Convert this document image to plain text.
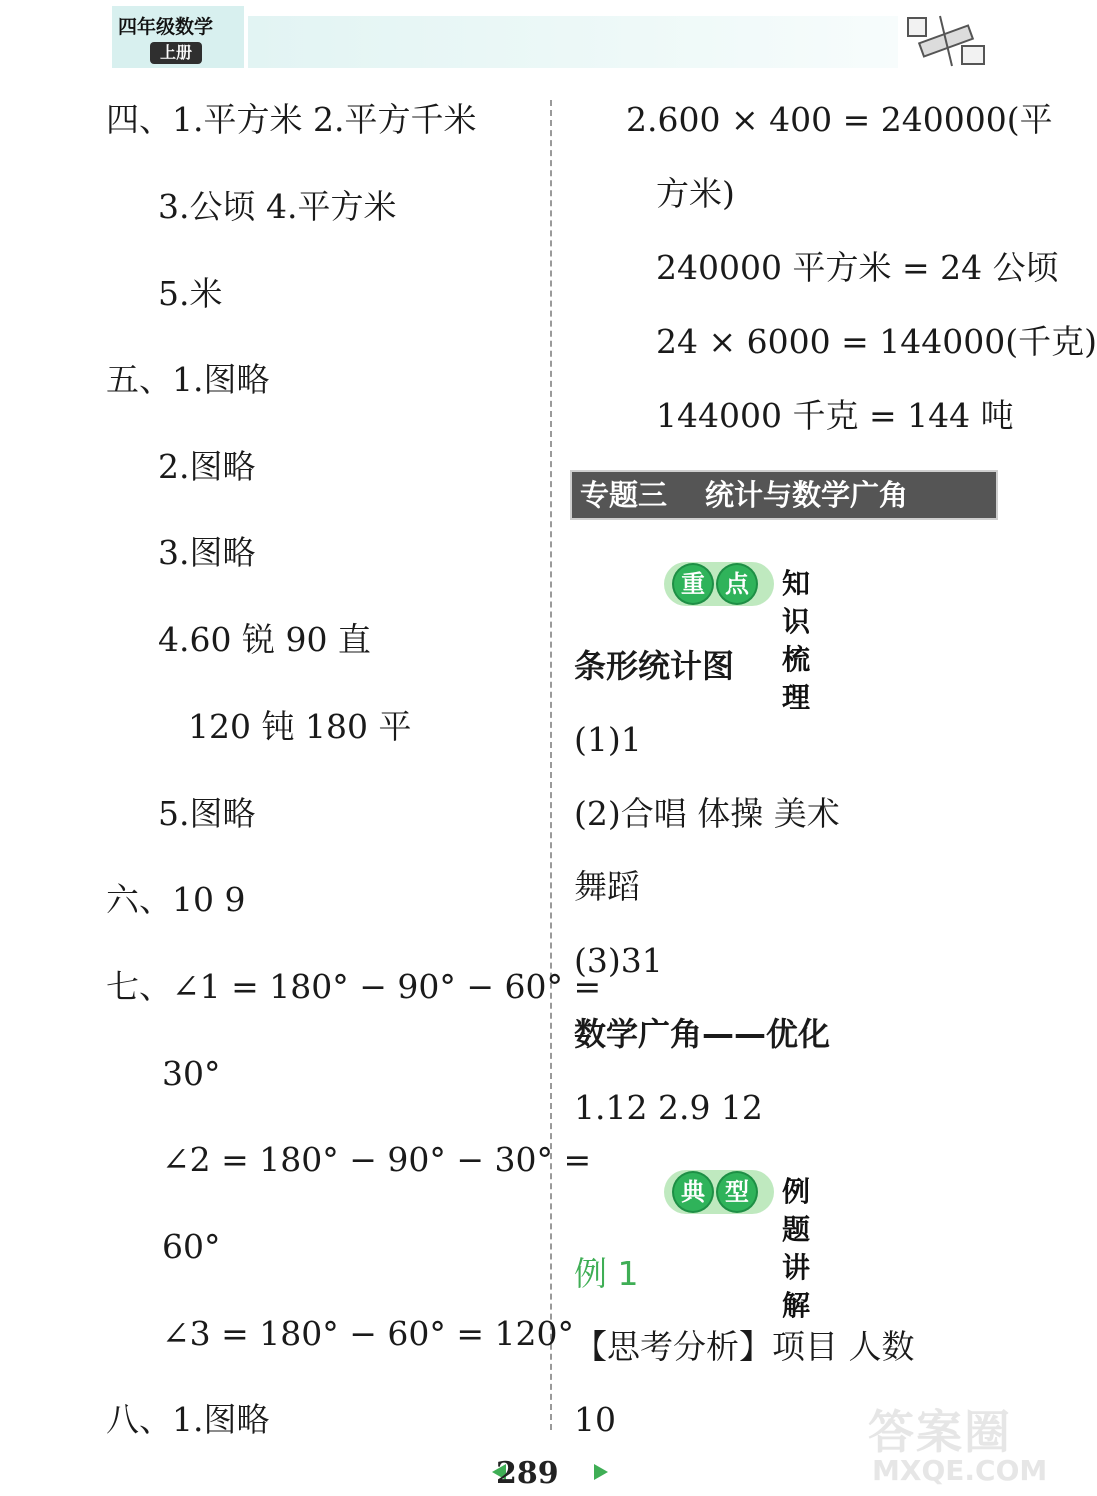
四年级数学
上册
四、1.平方米 2.平方千米
3.公顷 4.平方米
5.米
五、1.图略
2.图略
3.图略
4.60 锐 90 直
120 钝 180 平
5.图略
六、10 9
七、∠1 = 180° − 90° − 60° =
30°
∠2 = 180° − 90° − 30° =
60°
∠3 = 180° − 60° = 120°
八、1.图略
2.600 × 400 = 240000(平
方米)
240000 平方米 = 24 公顷
24 × 6000 = 144000(千克)
144000 千克 = 144 吨
专题三 统计与数学广角
重 点 知识梳理
条形统计图
(1)1
(2)合唱 体操 美术
舞蹈
(3)31
数学广角——优化
1.12 2.9 12
典 型 例题讲解
例 1
【思考分析】项目 人数
10
289
答案圈
MXQE.COM
